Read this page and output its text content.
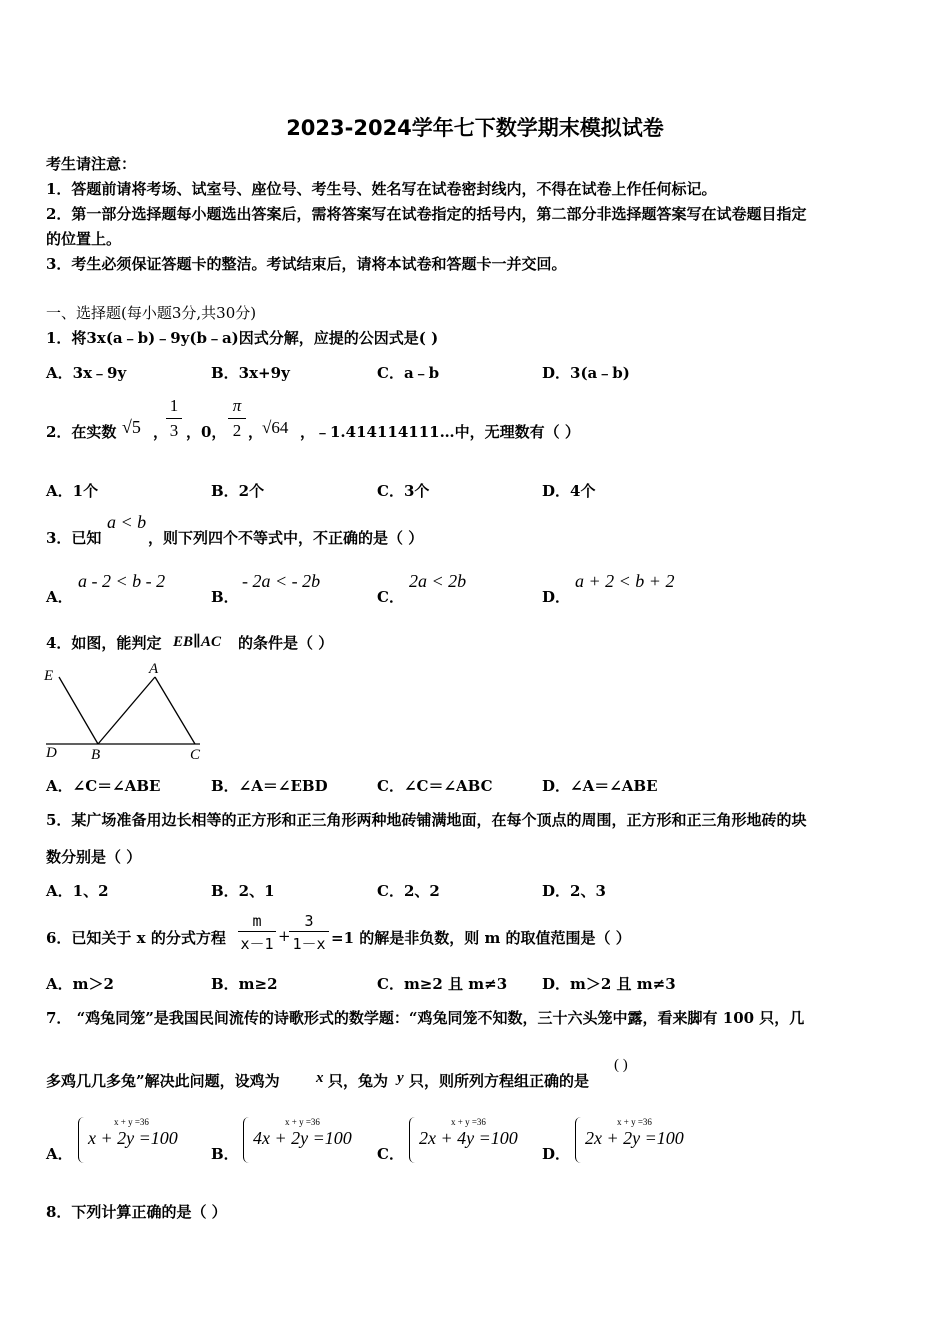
2023-2024学年七下数学期末模拟试卷
考生请注意：
1．答题前请将考场、试室号、座位号、考生号、姓名写在试卷密封线内，不得在试卷上作任何标记。
2．第一部分选择题每小题选出答案后，需将答案写在试卷指定的括号内，第二部分非选择题答案写在试卷题目指定
的位置上。
3．考生必须保证答题卡的整洁。考试结束后，请将本试卷和答题卡一并交回。
一、选择题(每小题3分,共30分)
1．将3x(a﹣b)﹣9y(b﹣a)因式分解，应提的公因式是( )
A．3x﹣9y	B．3x+9y	C．a﹣b	D．3(a﹣b)
2．在实数 √5 ，
1
3 ，0，
π
2 ，
√64 ，﹣1.414114111…中，无理数有（ ）
A．1个	B．2个	C．3个	D．4个
3．已知
a < b
，则下列四个不等式中，不正确的是（ ）
A．
a - 2 < b - 2
B．
- 2a < - 2b
C．
2a < 2b
D．
a + 2 < b + 2
4．如图，能判定 EB∥AC 的条件是（ ）
E	A
D B	C
A．∠C＝∠ABE	B．∠A＝∠EBD	C．∠C＝∠ABC	D．∠A＝∠ABE
5．某广场准备用边长相等的正方形和正三角形两种地砖铺满地面，在每个顶点的周围，正方形和正三角形地砖的块
数分别是（ ）
A．1、2	B．2、1	C．2、2	D．2、3
6．已知关于 x 的分式方程
m
x－1 +
3
1－x =1 的解是非负数，则 m 的取值范围是（ ）
A．m＞2	B．m≥2	C．m≥2 且 m≠3 D．m＞2 且 m≠3
7． “鸡兔同笼”是我国民间流传的诗歌形式的数学题：“鸡兔同笼不知数，三十六头笼中露，看来脚有 100 只，几
多鸡几几多兔”解决此问题，设鸡为 x 只，兔为 y 只，则所列方程组正确的是
( )
A．
x + y =36
x + 2y =100
B．
x + y =36
4x + 2y =100
C．
x + y =36
2x + 4y =100
D．
x + y =36
2x + 2y =100
8．下列计算正确的是（ ）
